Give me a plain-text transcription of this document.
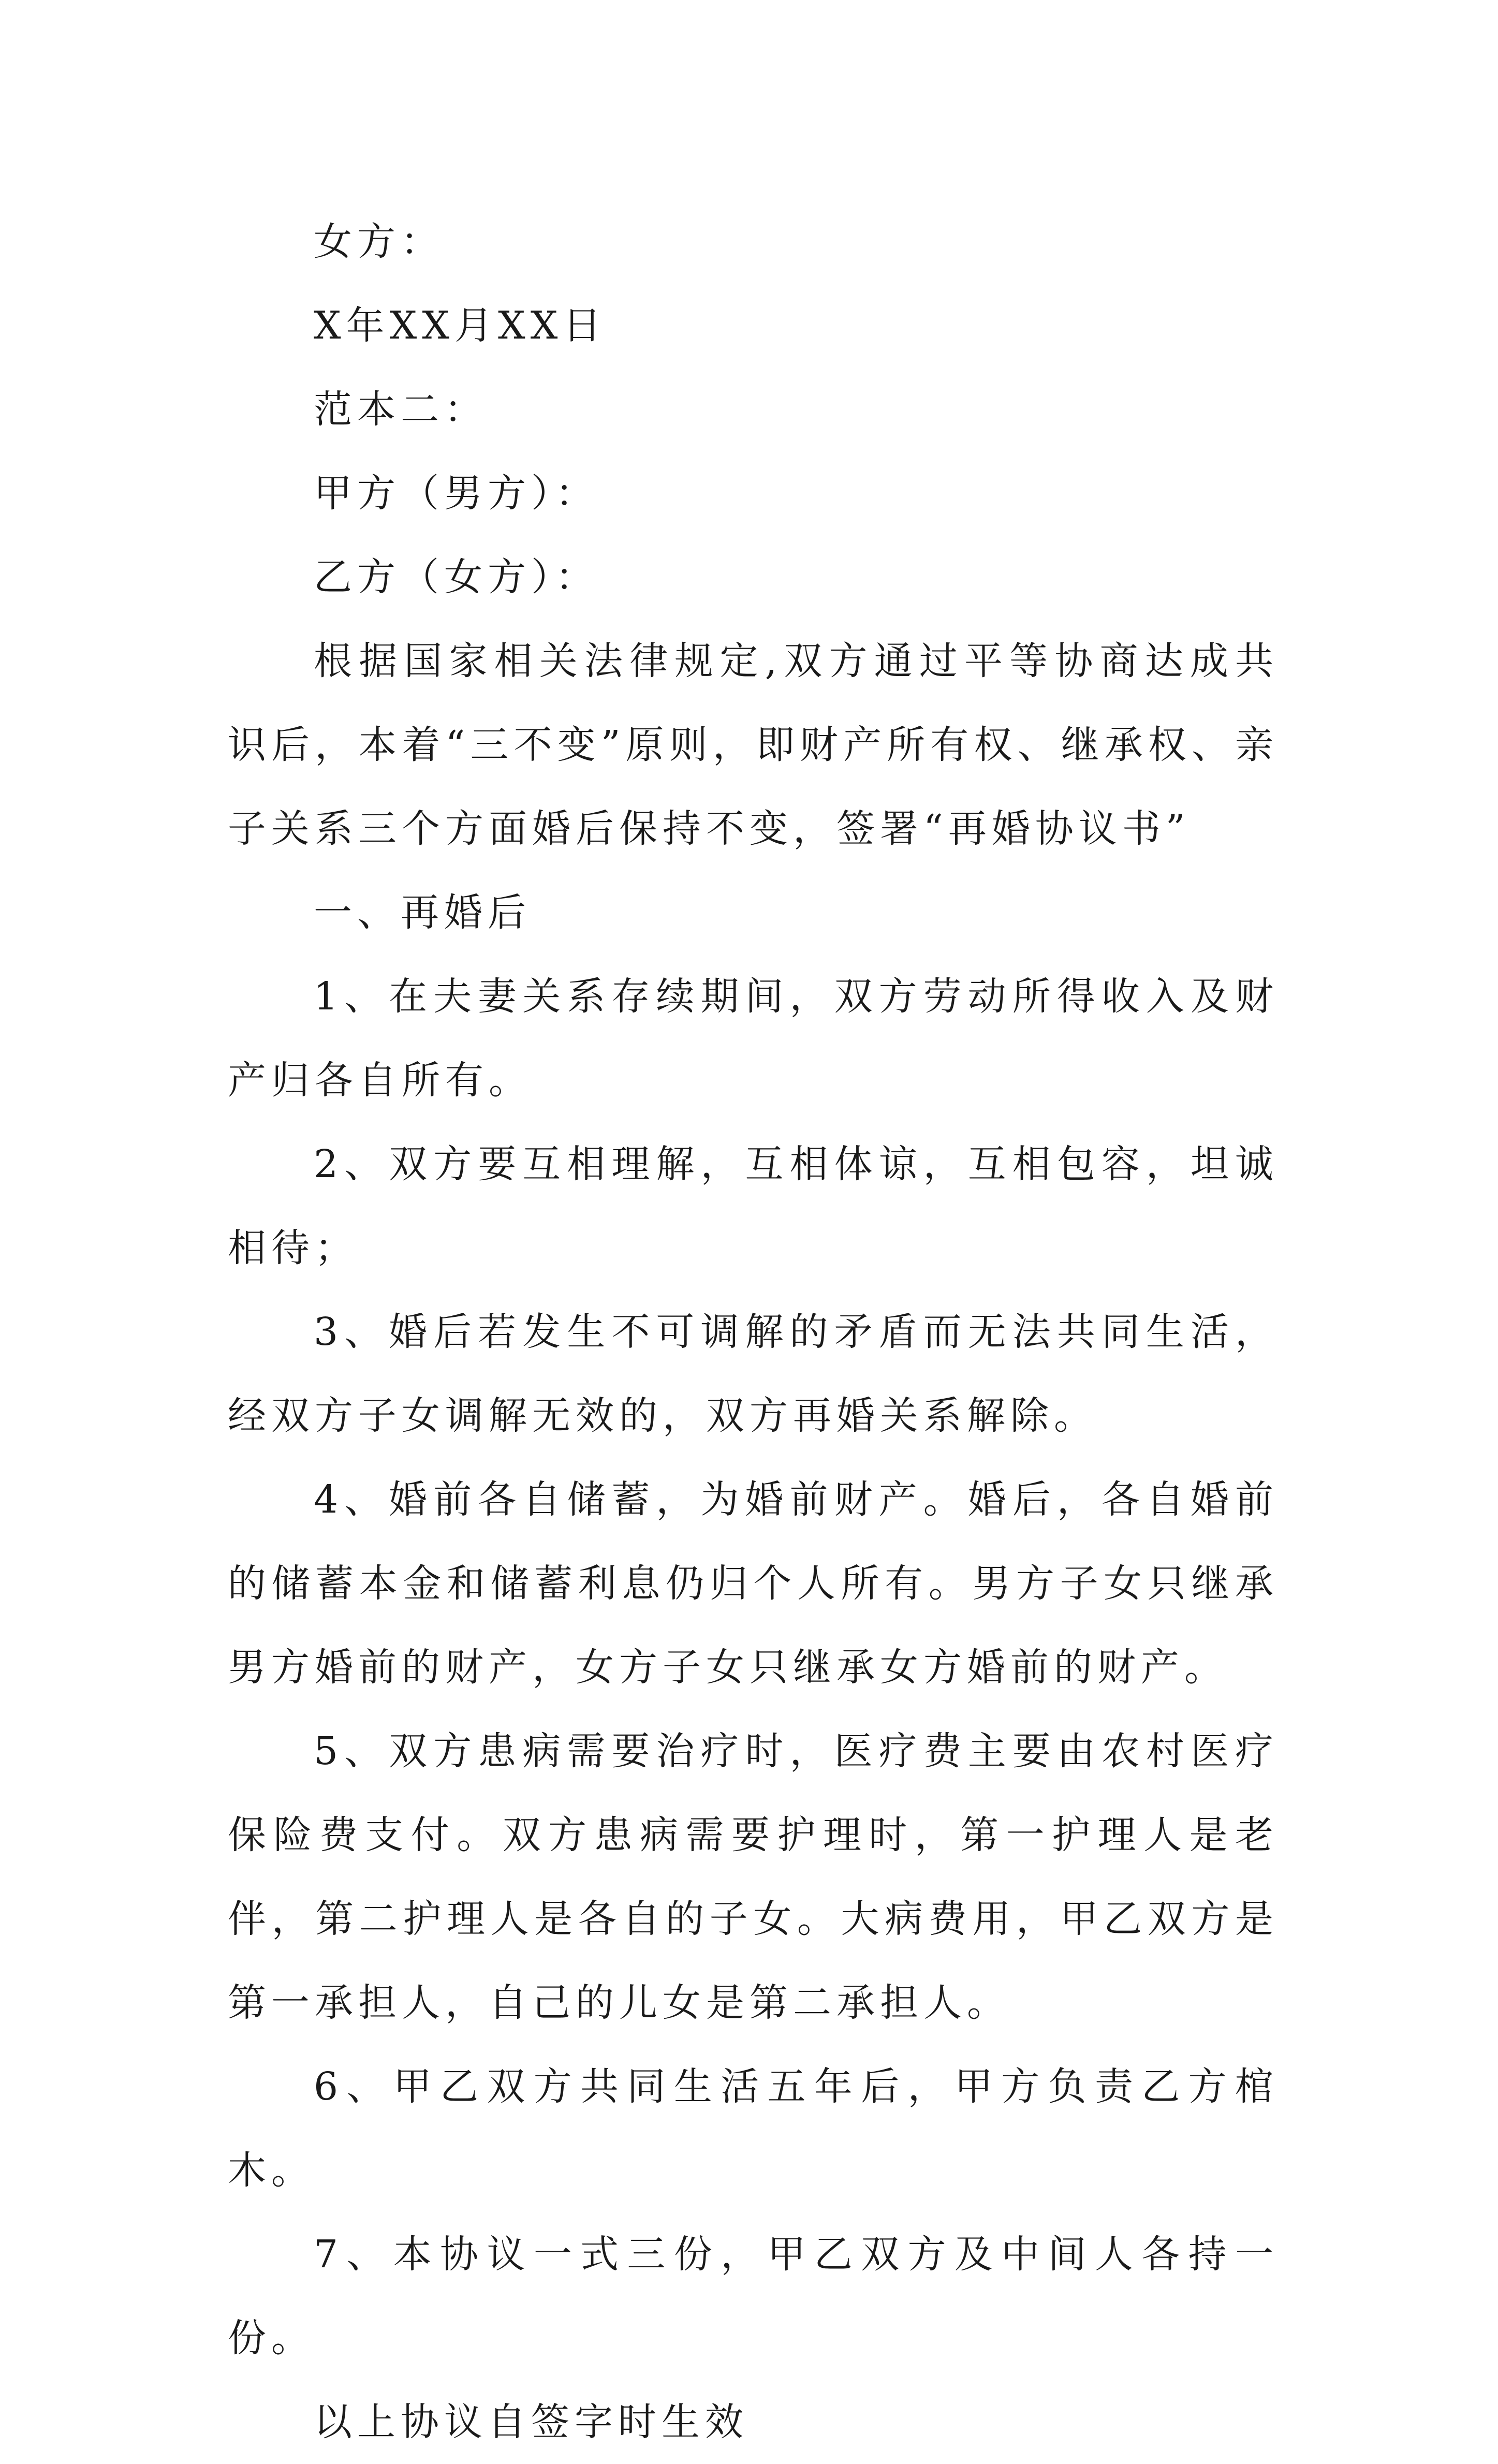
女方：

X年XX月XX日

范本二：

甲方（男方）：

乙方（女方）：

根据国家相关法律规定,双方通过平等协商达成共识后，本着“三不变”原则，即财产所有权、继承权、亲子关系三个方面婚后保持不变，签署“再婚协议书”

一、再婚后

1、在夫妻关系存续期间，双方劳动所得收入及财产归各自所有。

2、双方要互相理解，互相体谅，互相包容，坦诚相待；

3、婚后若发生不可调解的矛盾而无法共同生活，经双方子女调解无效的，双方再婚关系解除。

4、婚前各自储蓄，为婚前财产。婚后，各自婚前的储蓄本金和储蓄利息仍归个人所有。男方子女只继承男方婚前的财产，女方子女只继承女方婚前的财产。

5、双方患病需要治疗时，医疗费主要由农村医疗保险费支付。双方患病需要护理时，第一护理人是老伴，第二护理人是各自的子女。大病费用，甲乙双方是第一承担人，自己的儿女是第二承担人。

6、甲乙双方共同生活五年后，甲方负责乙方棺木。

7、本协议一式三份，甲乙双方及中间人各持一份。

以上协议自签字时生效
